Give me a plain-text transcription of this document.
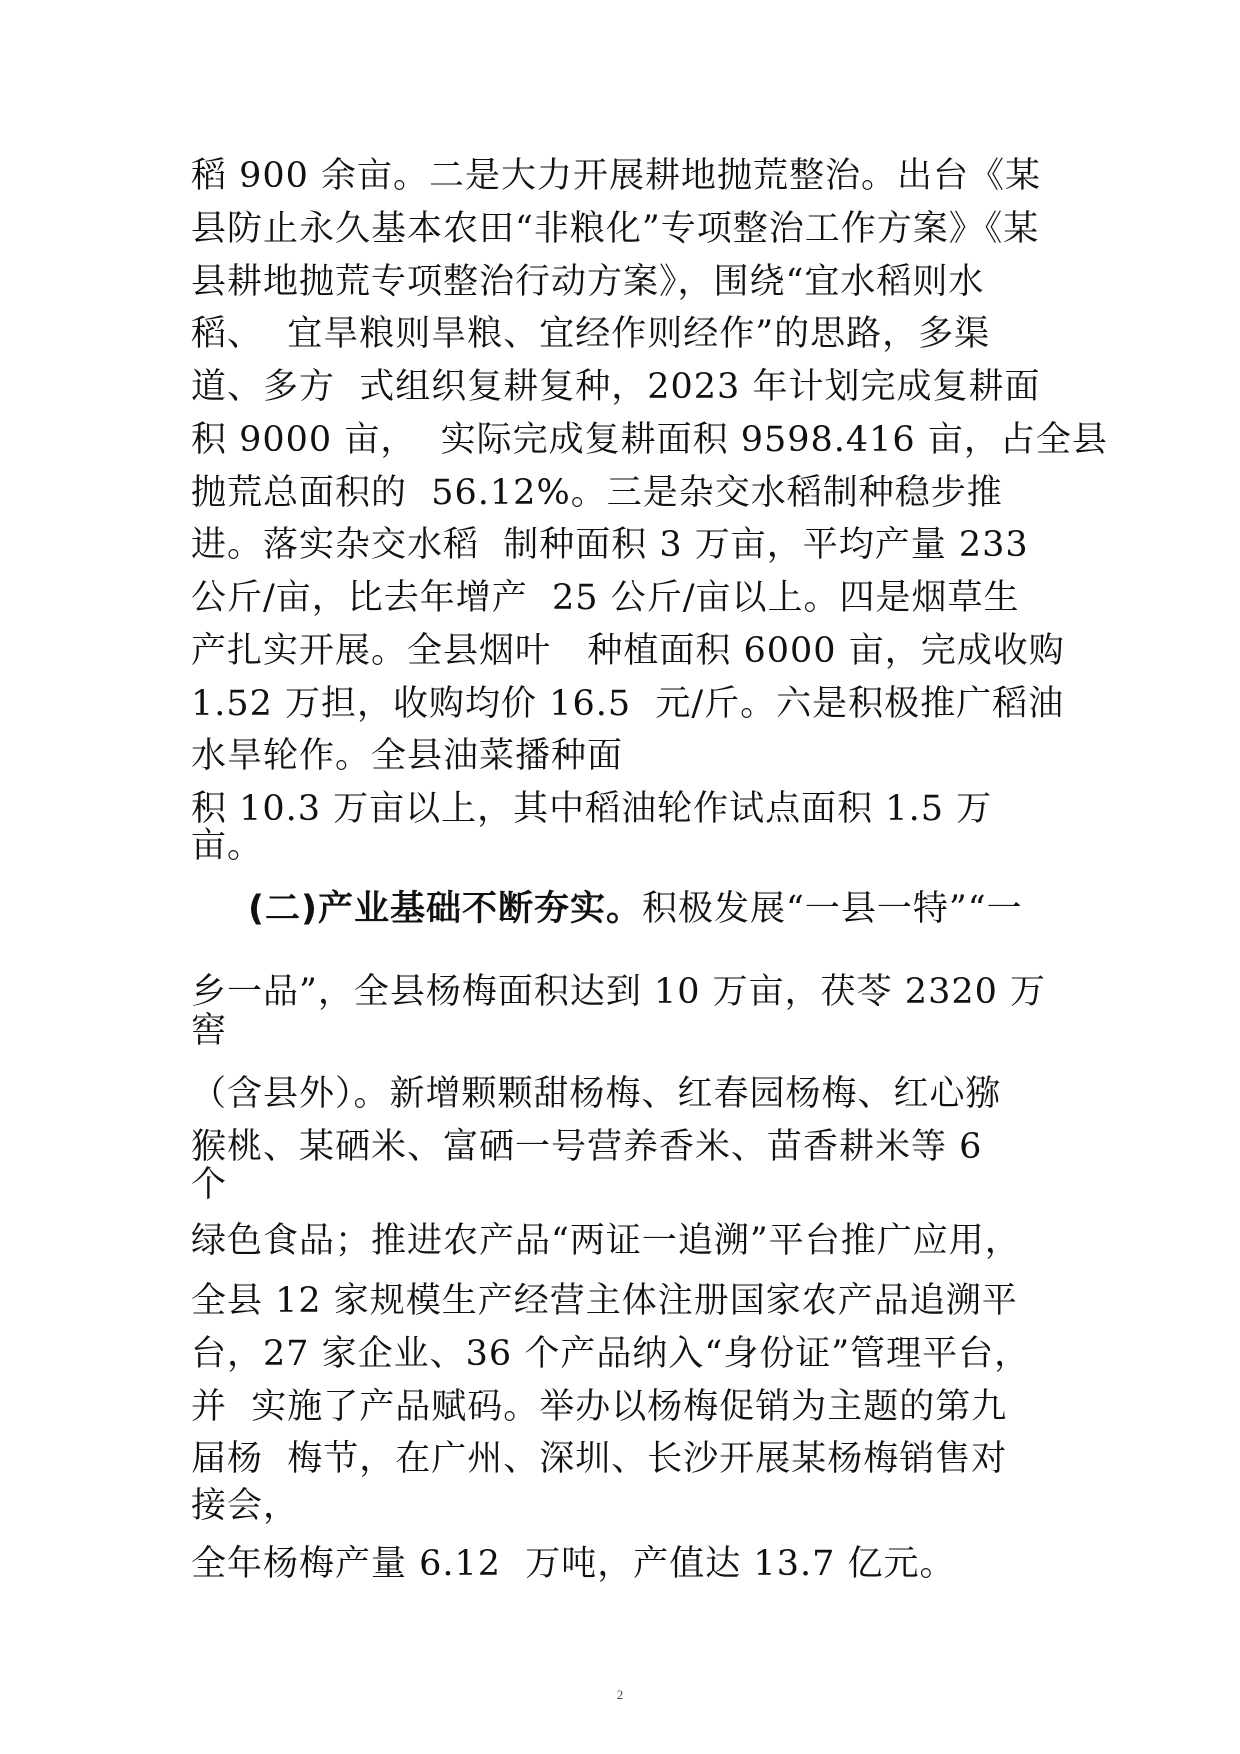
稻 900 余亩。二是大力开展耕地抛荒整治。出台《某
县防止永久基本农田“非粮化”专项整治工作方案》《某
县耕地抛荒专项整治行动方案》，围绕“宜水稻则水
稻、  宜旱粮则旱粮、宜经作则经作”的思路，多渠
道、多方  式组织复耕复种，2023 年计划完成复耕面
积 9000 亩，  实际完成复耕面积 9598.416 亩，占全县
抛荒总面积的  56.12%。三是杂交水稻制种稳步推
进。落实杂交水稻  制种面积 3 万亩，平均产量 233
公斤/亩，比去年增产  25 公斤/亩以上。四是烟草生
产扎实开展。全县烟叶   种植面积 6000 亩，完成收购
1.52 万担，收购均价 16.5  元/斤。六是积极推广稻油
水旱轮作。全县油菜播种面
积 10.3 万亩以上，其中稻油轮作试点面积 1.5 万
亩。
(二)产业基础不断夯实。积极发展“一县一特”“一
乡一品”，全县杨梅面积达到 10 万亩，茯苓 2320 万
窖
（含县外）。新增颗颗甜杨梅、红春园杨梅、红心猕
猴桃、某硒米、富硒一号营养香米、苗香耕米等 6
个
绿色食品；推进农产品“两证一追溯”平台推广应用，
全县 12 家规模生产经营主体注册国家农产品追溯平
台，27 家企业、36 个产品纳入“身份证”管理平台，
并  实施了产品赋码。举办以杨梅促销为主题的第九
届杨  梅节，在广州、深圳、长沙开展某杨梅销售对
接会，
全年杨梅产量 6.12  万吨，产值达 13.7 亿元。
2
